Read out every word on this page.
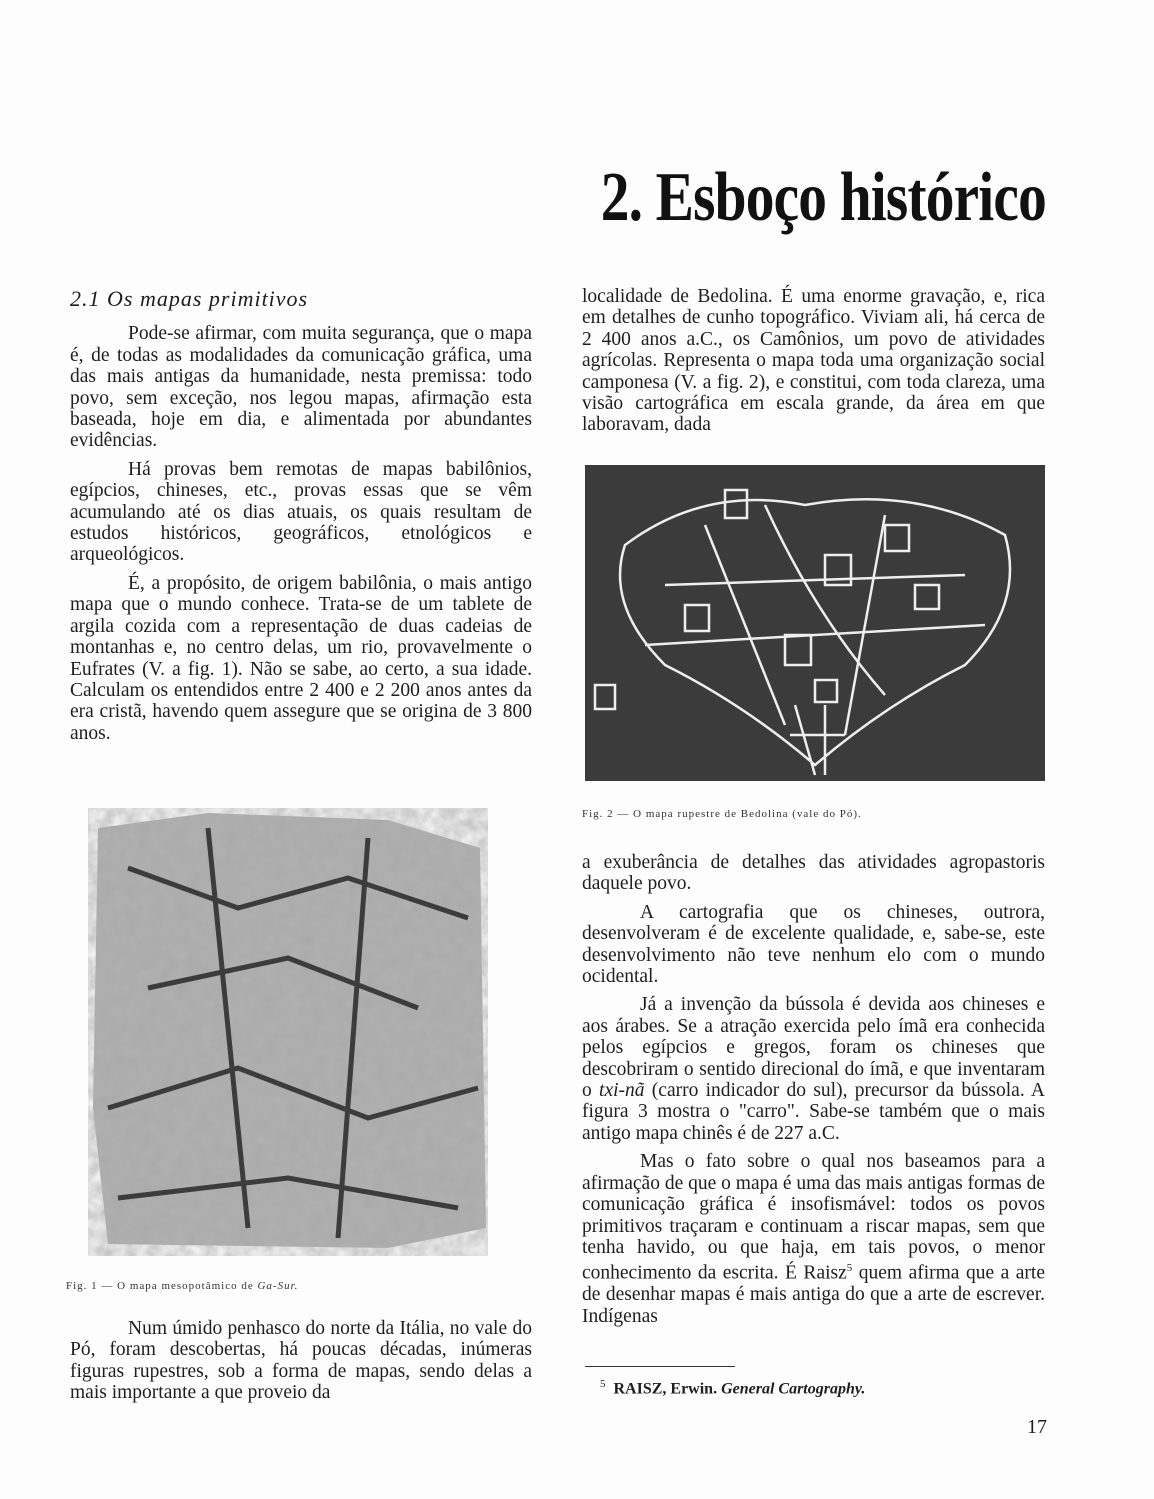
2. Esboço histórico
2.1 Os mapas primitivos

Pode-se afirmar, com muita segurança, que o mapa é, de todas as modalidades da comunicação gráfica, uma das mais antigas da humanidade, nesta premissa: todo povo, sem exceção, nos legou mapas, afirmação esta baseada, hoje em dia, e alimentada por abundantes evidências.

Há provas bem remotas de mapas babilônios, egípcios, chineses, etc., provas essas que se vêm acumulando até os dias atuais, os quais resultam de estudos históricos, geográficos, etnológicos e arqueológicos.

É, a propósito, de origem babilônia, o mais antigo mapa que o mundo conhece. Trata-se de um tablete de argila cozida com a representação de duas cadeias de montanhas e, no centro delas, um rio, provavelmente o Eufrates (V. a fig. 1). Não se sabe, ao certo, a sua idade. Calculam os entendidos entre 2 400 e 2 200 anos antes da era cristã, havendo quem assegure que se origina de 3 800 anos.

Fig. 1 — O mapa mesopotâmico de Ga-Sur.

Num úmido penhasco do norte da Itália, no vale do Pó, foram descobertas, há poucas décadas, inúmeras figuras rupestres, sob a forma de mapas, sendo delas a mais importante a que proveio da

localidade de Bedolina. É uma enorme gravação, e, rica em detalhes de cunho topográfico. Viviam ali, há cerca de 2 400 anos a.C., os Camônios, um povo de atividades agrícolas. Representa o mapa toda uma organização social camponesa (V. a fig. 2), e constitui, com toda clareza, uma visão cartográfica em escala grande, da área em que laboravam, dada

Fig. 2 — O mapa rupestre de Bedolina (vale do Pó).

a exuberância de detalhes das atividades agropastoris daquele povo.

A cartografia que os chineses, outrora, desenvolveram é de excelente qualidade, e, sabe-se, este desenvolvimento não teve nenhum elo com o mundo ocidental.

Já a invenção da bússola é devida aos chineses e aos árabes. Se a atração exercida pelo ímã era conhecida pelos egípcios e gregos, foram os chineses que descobriram o sentido direcional do ímã, e que inventaram o txi-nã (carro indicador do sul), precursor da bússola. A figura 3 mostra o "carro". Sabe-se também que o mais antigo mapa chinês é de 227 a.C.

Mas o fato sobre o qual nos baseamos para a afirmação de que o mapa é uma das mais antigas formas de comunicação gráfica é insofismável: todos os povos primitivos traçaram e continuam a riscar mapas, sem que tenha havido, ou que haja, em tais povos, o menor conhecimento da escrita. É Raisz$^5$ quem afirma que a arte de desenhar mapas é mais antiga do que a arte de escrever. Indígenas

$^5$ RAISZ, Erwin. General Cartography.
17
